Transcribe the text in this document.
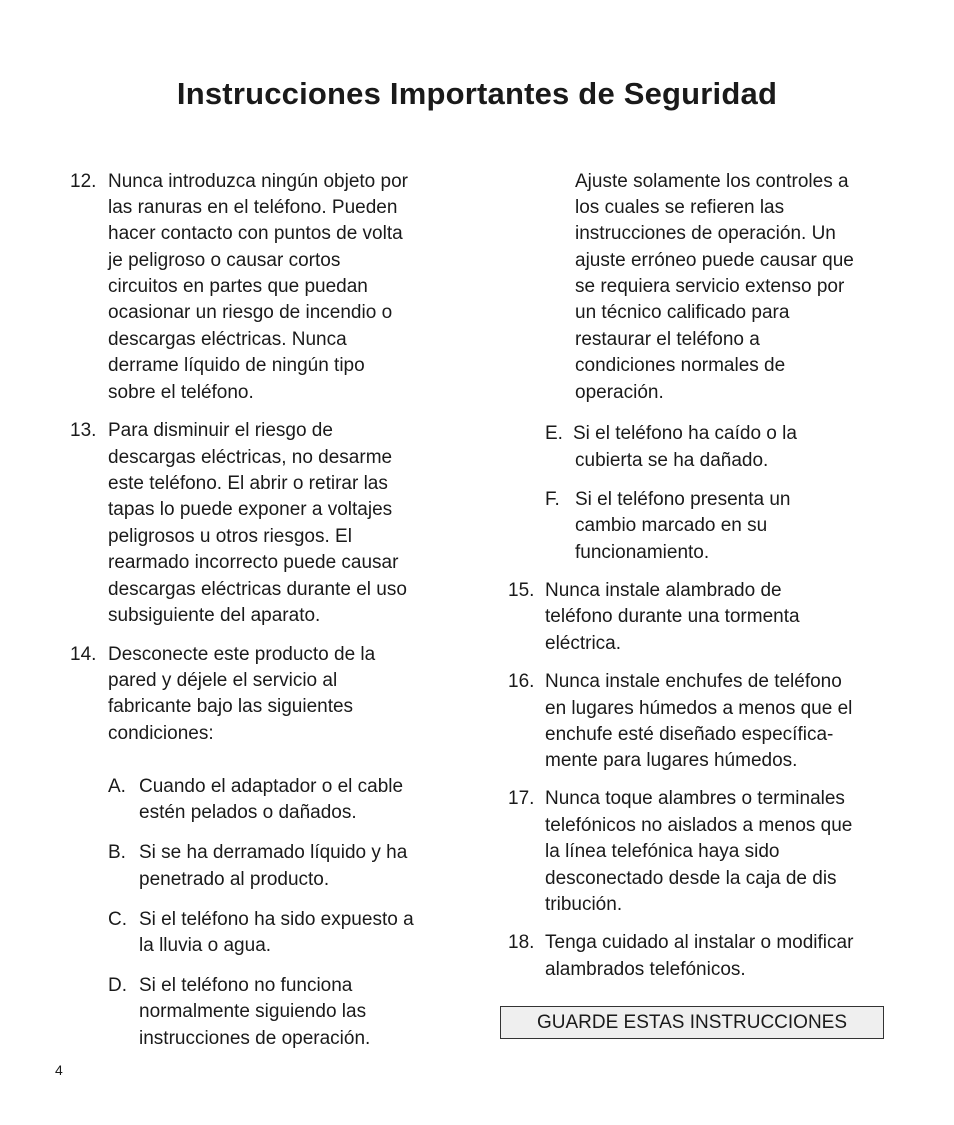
Instrucciones Importantes de Seguridad
12. Nunca introduzca ningún objeto por
las ranuras en el teléfono. Pueden
hacer contacto con puntos de volta
je peligroso o causar cortos
circuitos en partes que puedan
ocasionar un riesgo de incendio o
descargas eléctricas. Nunca
derrame líquido de ningún tipo
sobre el teléfono.
13. Para disminuir el riesgo de
descargas eléctricas, no desarme
este teléfono. El abrir o retirar las
tapas lo puede exponer a voltajes
peligrosos u otros riesgos. El
rearmado incorrecto puede causar
descargas eléctricas durante el uso
subsiguiente del aparato.
14. Desconecte este producto de la
pared y déjele el servicio al
fabricante bajo las siguientes
condiciones:
A. Cuando el adaptador o el cable
estén pelados o dañados.
B. Si se ha derramado líquido y ha
penetrado al producto.
C. Si el teléfono ha sido expuesto a
la lluvia o agua.
D. Si el teléfono no funciona
normalmente siguiendo las
instrucciones de operación.
Ajuste solamente los controles a
los cuales se refieren las
instrucciones de operación. Un
ajuste erróneo puede causar que
se requiera servicio extenso por
un técnico calificado para
restaurar el teléfono a
condiciones normales de
operación.
E. Si el teléfono ha caído o la
cubierta se ha dañado.
F. Si el teléfono presenta un
cambio marcado en su
funcionamiento.
15. Nunca instale alambrado de
teléfono durante una tormenta
eléctrica.
16. Nunca instale enchufes de teléfono
en lugares húmedos a menos que el
enchufe esté diseñado específica-
mente para lugares húmedos.
17. Nunca toque alambres o terminales
telefónicos no aislados a menos que
la línea telefónica haya sido
desconectado desde la caja de dis
tribución.
18. Tenga cuidado al instalar o modificar
alambrados telefónicos.
GUARDE ESTAS INSTRUCCIONES
4
